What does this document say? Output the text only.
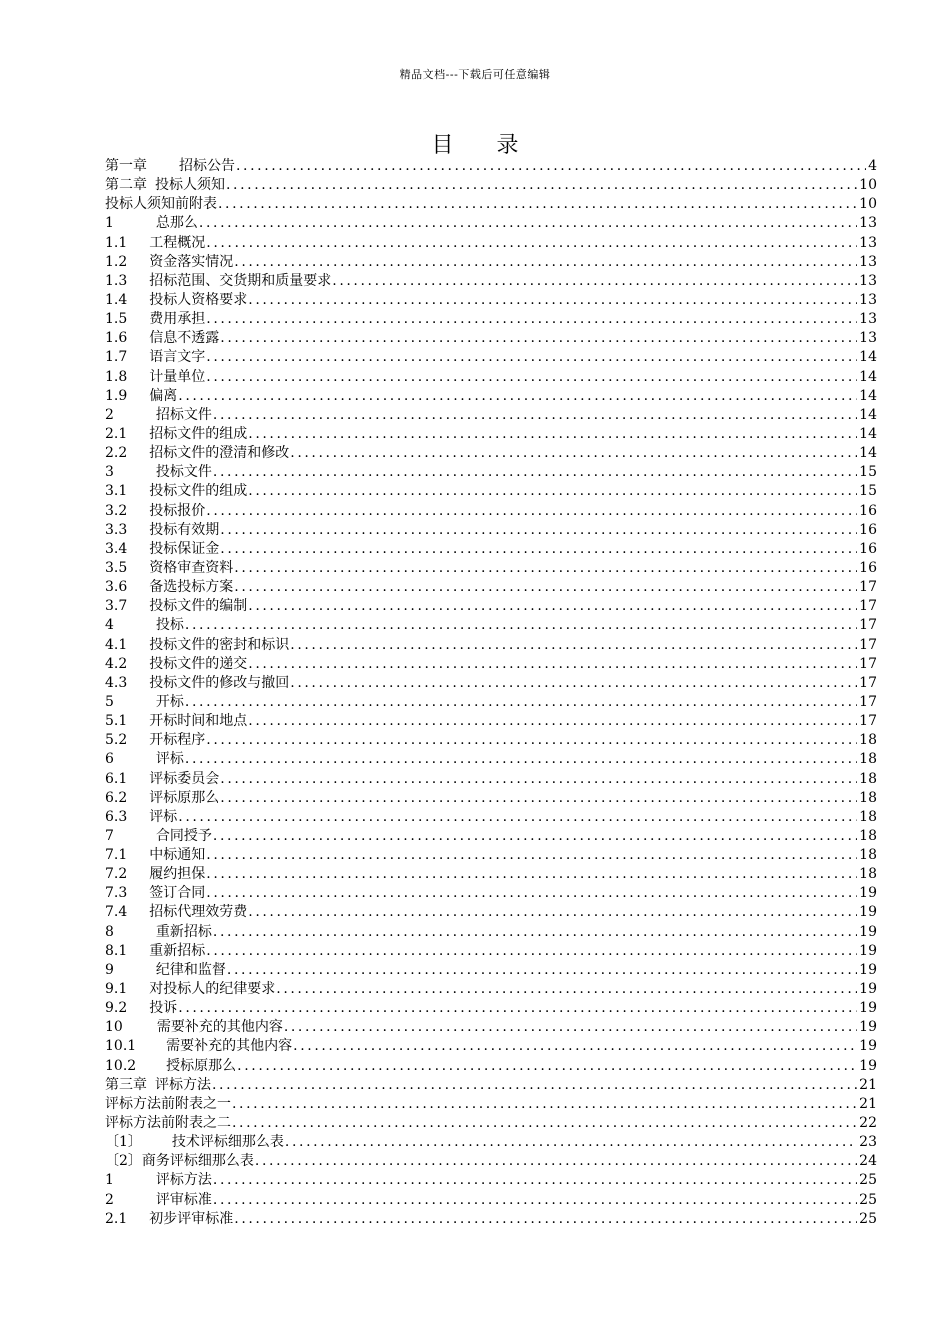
精品文档---下载后可任意编辑
目 录
第一章 招标公告 .....	4
第二章 投标人须知 .....	10
投标人须知前附表 .....	10
1	总那么 .....	13
1.1 工程概况 .....	13
1.2 资金落实情况 .....	13
1.3 招标范围、交货期和质量要求 .....	13
1.4 投标人资格要求 .....	13
1.5 费用承担 .....	13
1.6 信息不透露 .....	13
1.7 语言文字 .....	14
1.8 计量单位 .....	14
1.9 偏离 .....	14
2	招标文件 .....	14
2.1 招标文件的组成 .....	14
2.2 招标文件的澄清和修改 .....	14
3	投标文件 .....	15
3.1 投标文件的组成 .....	15
3.2 投标报价 .....	16
3.3 投标有效期 .....	16
3.4 投标保证金 .....	16
3.5 资格审查资料 .....	16
3.6 备选投标方案 .....	17
3.7 投标文件的编制 .....	17
4	投标 .....	17
4.1 投标文件的密封和标识 .....	17
4.2 投标文件的递交 .....	17
4.3 投标文件的修改与撤回 .....	17
5	开标 .....	17
5.1 开标时间和地点 .....	17
5.2 开标程序 .....	18
6	评标 .....	18
6.1 评标委员会 .....	18
6.2 评标原那么 .....	18
6.3 评标 .....	18
7	合同授予 .....	18
7.1 中标通知 .....	18
7.2 履约担保 .....	18
7.3 签订合同 .....	19
7.4 招标代理效劳费 .....	19
8	重新招标 .....	19
8.1 重新招标 .....	19
9	纪律和监督 .....	19
9.1 对投标人的纪律要求 .....	19
9.2 投诉 .....	19
10 需要补充的其他内容 .....	19
10.1 需要补充的其他内容 .....	19
10.2 授标原那么 .....	19
第三章 评标方法 .....	21
评标方法前附表之一 .....	21
评标方法前附表之二 .....	22
〔1〕 技术评标细那么表 .....	23
〔2〕 商务评标细那么表 .....	24
1	评标方法 .....	25
2	评审标准 .....	25
2.1 初步评审标准 .....	25
